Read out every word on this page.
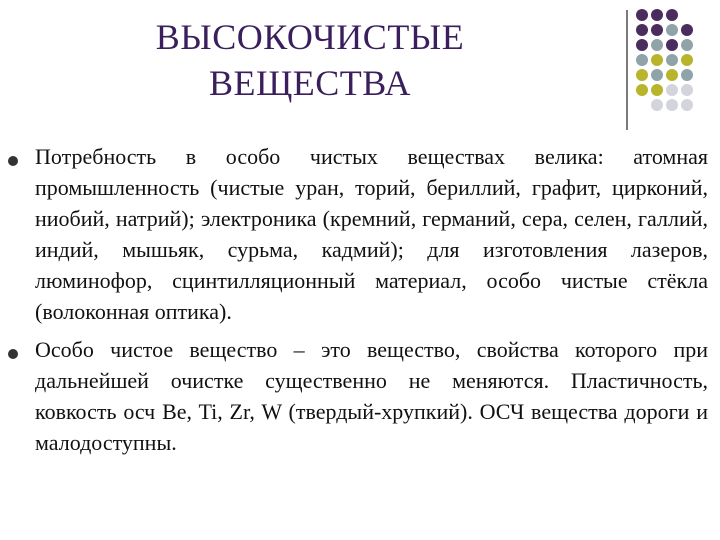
ВЫСОКОЧИСТЫЕ
ВЕЩЕСТВА
Потребность в особо чистых веществах велика: атомная промышленность (чистые уран, торий, бериллий, графит, цирконий, ниобий, натрий); электроника (кремний, германий, сера, селен, галлий, индий, мышьяк, сурьма, кадмий); для изготовления лазеров, люминофор, сцинтилляционный материал, особо чистые стёкла (волоконная оптика).
Особо чистое вещество – это вещество, свойства которого при дальнейшей очистке существенно не меняются. Пластичность, ковкость осч Be, Ti, Zr, W (твердый-хрупкий). ОСЧ вещества дороги и малодоступны.
